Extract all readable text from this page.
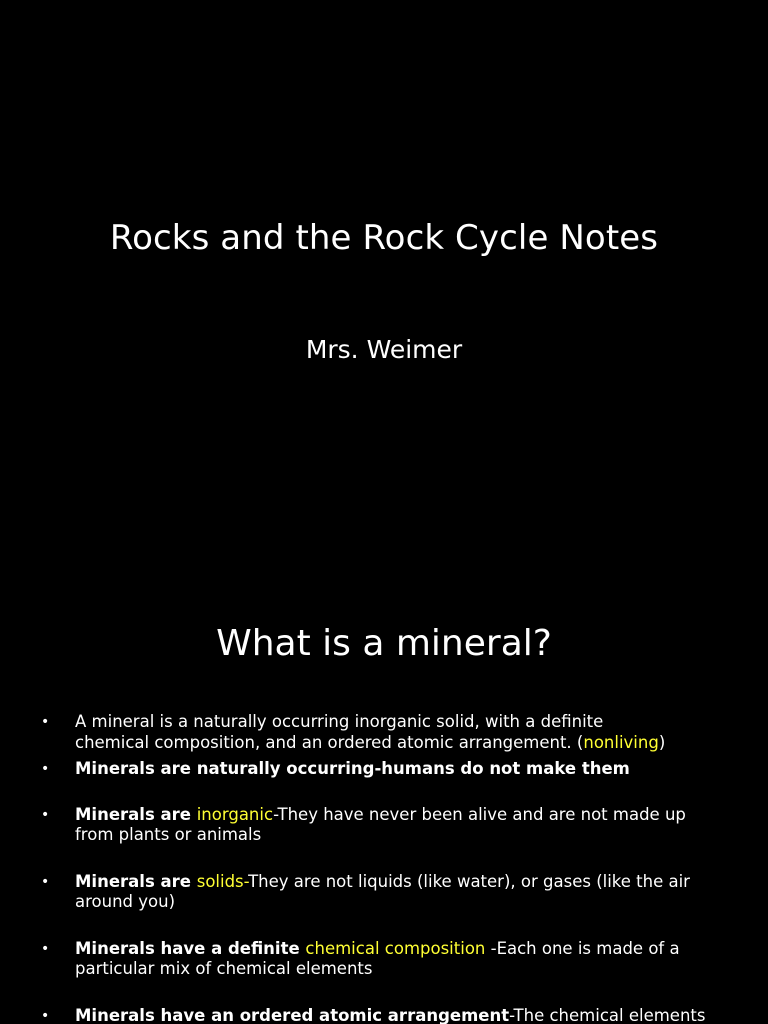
Rocks and the Rock Cycle Notes
Mrs. Weimer
What is a mineral?
• A mineral is a naturally occurring inorganic solid, with a definite
chemical composition, and an ordered atomic arrangement. (nonliving)
• Minerals are naturally occurring-humans do not make them
• Minerals are inorganic-They have never been alive and are not made up
from plants or animals
• Minerals are solids-They are not liquids (like water), or gases (like the air
around you)
• Minerals have a definite chemical composition -Each one is made of a
particular mix of chemical elements
• Minerals have an ordered atomic arrangement-The chemical elements
